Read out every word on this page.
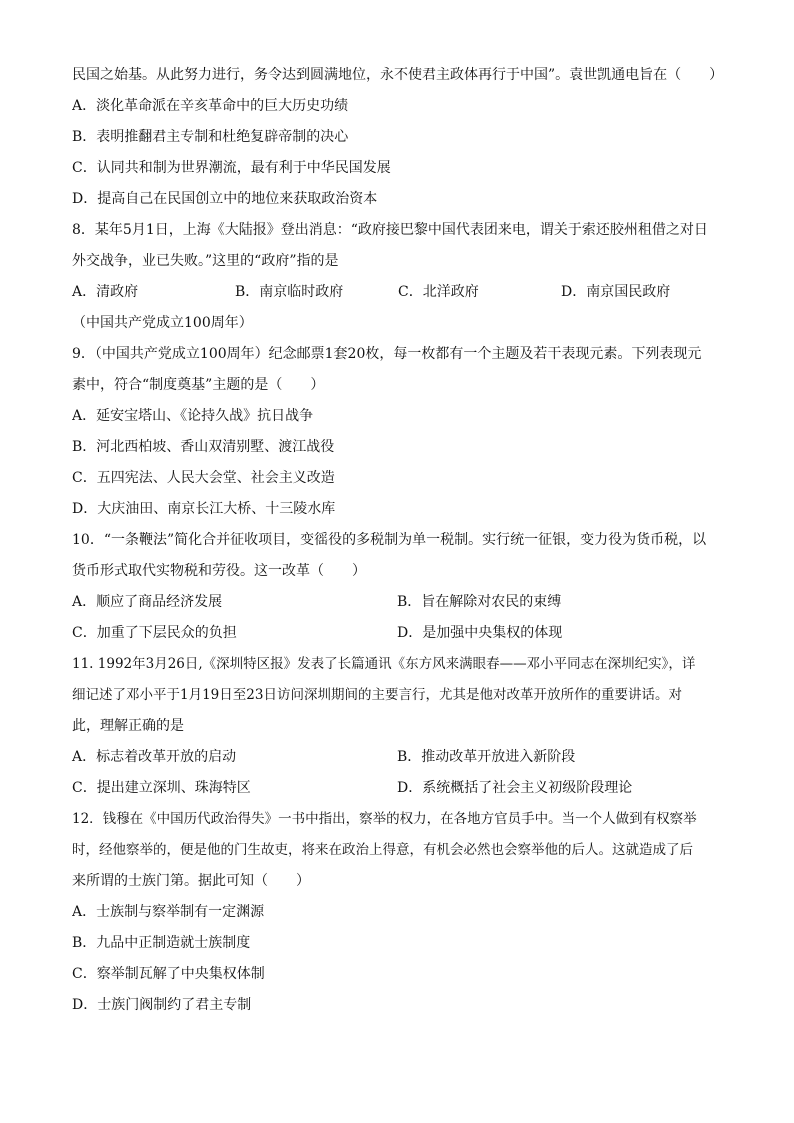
民国之始基。从此努力进行，务令达到圆满地位，永不使君主政体再行于中国”。袁世凯通电旨在（　　）
A．淡化革命派在辛亥革命中的巨大历史功绩
B．表明推翻君主专制和杜绝复辟帝制的决心
C．认同共和制为世界潮流，最有利于中华民国发展
D．提高自己在民国创立中的地位来获取政治资本
8．某年5月1日，上海《大陆报》登出消息：“政府接巴黎中国代表团来电，谓关于索还胶州租借之对日
外交战争，业已失败。”这里的“政府”指的是
A．清政府	B．南京临时政府	C．北洋政府	D．南京国民政府
（中国共产党成立100周年）
9．（中国共产党成立100周年）纪念邮票1套20枚，每一枚都有一个主题及若干表现元素。下列表现元
素中，符合“制度奠基”主题的是（　　）
A．延安宝塔山、《论持久战》抗日战争
B．河北西柏坡、香山双清别墅、渡江战役
C．五四宪法、人民大会堂、社会主义改造
D．大庆油田、南京长江大桥、十三陵水库
10．“一条鞭法”简化合并征收项目，变徭役的多税制为单一税制。实行统一征银，变力役为货币税，以
货币形式取代实物税和劳役。这一改革（　　）
A．顺应了商品经济发展	B．旨在解除对农民的束缚
C．加重了下层民众的负担	D．是加强中央集权的体现
11. 1992年3月26日,《深圳特区报》发表了长篇通讯《东方风来满眼春——邓小平同志在深圳纪实》，详
细记述了邓小平于1月19日至23日访问深圳期间的主要言行，尤其是他对改革开放所作的重要讲话。对
此，理解正确的是
A．标志着改革开放的启动	B．推动改革开放进入新阶段
C．提出建立深圳、珠海特区	D．系统概括了社会主义初级阶段理论
12．钱穆在《中国历代政治得失》一书中指出，察举的权力，在各地方官员手中。当一个人做到有权察举
时，经他察举的，便是他的门生故吏，将来在政治上得意，有机会必然也会察举他的后人。这就造成了后
来所谓的士族门第。据此可知（　　）
A．士族制与察举制有一定渊源
B．九品中正制造就士族制度
C．察举制瓦解了中央集权体制
D．士族门阀制约了君主专制
